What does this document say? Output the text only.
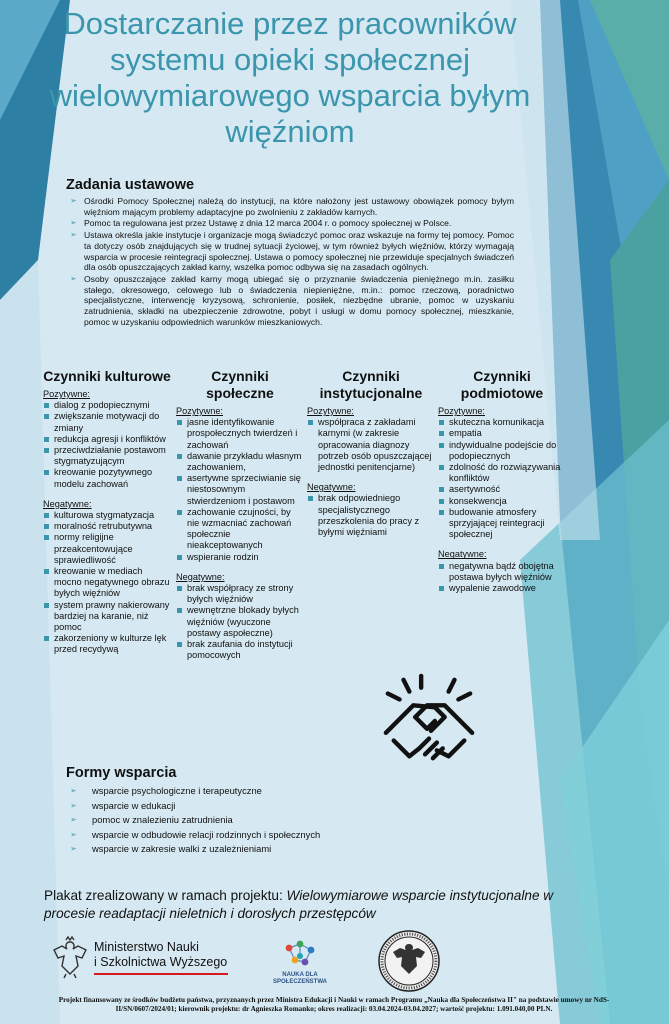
Dostarczanie przez pracowników systemu opieki społecznej wielowymiarowego wsparcia byłym więźniom
Zadania ustawowe
➢ Ośrodki Pomocy Społecznej należą do instytucji, na które nałożony jest ustawowy obowiązek pomocy byłym więźniom mającym problemy adaptacyjne po zwolnieniu z zakładów karnych.
➢ Pomoc ta regulowana jest przez Ustawę z dnia 12 marca 2004 r. o pomocy społecznej w Polsce.
➢ Ustawa określa jakie instytucje i organizacje mogą świadczyć pomoc oraz wskazuje na formy tej pomocy. Pomoc ta dotyczy osób znajdujących się w trudnej sytuacji życiowej, w tym również byłych więźniów, którzy wymagają wsparcia w procesie reintegracji społecznej. Ustawa o pomocy społecznej nie przewiduje specjalnych świadczeń dla osób opuszczających zakład karny, wszelka pomoc odbywa się na zasadach ogólnych.
➢ Osoby opuszczające zakład karny mogą ubiegać się o przyznanie świadczenia pieniężnego m.in. zasiłku stałego, okresowego, celowego lub o świadczenia niepieniężne, m.in.: pomoc rzeczową, poradnictwo specjalistyczne, interwencję kryzysową, schronienie, posiłek, niezbędne ubranie, pomoc w uzyskaniu zatrudnienia, składki na ubezpieczenie zdrowotne, pobyt i usługi w domu pomocy społecznej, mieszkanie, pomoc w uzyskaniu odpowiednich warunków mieszkaniowych.
Czynniki kulturowe
Pozytywne:
dialog z podopiecznymi
zwiększanie motywacji do zmiany
redukcja agresji i konfliktów
przeciwdziałanie postawom stygmatyzującym
kreowanie pozytywnego modelu zachowań
Negatywne:
kulturowa stygmatyzacja
moralność retrubutywna
normy religijne przeakcentowujące sprawiedliwość
kreowanie w mediach mocno negatywnego obrazu byłych więźniów
system prawny nakierowany bardziej na karanie, niż pomoc
zakorzeniony w kulturze lęk przed recydywą
Czynniki społeczne
Pozytywne:
jasne identyfikowanie prospołecznych twierdzeń i zachowań
dawanie przykładu własnym zachowaniem,
asertywne sprzeciwianie się niestosownym stwierdzeniom i postawom
zachowanie czujności, by nie wzmacniać zachowań społecznie nieakceptowanych
wspieranie rodzin
Negatywne:
brak współpracy ze strony byłych więźniów
wewnętrzne blokady byłych więźniów (wyuczone postawy aspołeczne)
brak zaufania do instytucji pomocowych
Czynniki instytucjonalne
Pozytywne:
współpraca z zakładami karnymi (w zakresie opracowania diagnozy potrzeb osób opuszczającej jednostki penitencjarne)
Negatywne:
brak odpowiedniego specjalistycznego przeszkolenia do pracy z byłymi więźniami
Czynniki podmiotowe
Pozytywne:
skuteczna komunikacja
empatia
indywidualne podejście do podopiecznych
zdolność do rozwiązywania konfliktów
asertywność
konsekwencja
budowanie atmosfery sprzyjającej reintegracji społecznej
Negatywne:
negatywna bądź obojętna postawa byłych więźniów
wypalenie zawodowe
Formy wsparcia
➢ wsparcie psychologiczne i terapeutyczne
➢ wsparcie w edukacji
➢ pomoc w znalezieniu zatrudnienia
➢ wsparcie w odbudowie relacji rodzinnych i społecznych
➢ wsparcie w zakresie walki z uzależnieniami
Plakat zrealizowany w ramach projektu: Wielowymiarowe wsparcie instytucjonalne w procesie readaptacji nieletnich i dorosłych przestępców
Ministerstwo Nauki
i Szkolnictwa Wyższego
NAUKA DLA SPOŁECZEŃSTWA
Projekt finansowany ze środków budżetu państwa, przyznanych przez Ministra Edukacji i Nauki w ramach Programu „Nauka dla Społeczeństwa II" na podstawie umowy nr NdS-II/SN/0607/2024/01; kierownik projektu: dr Agnieszka Romanko; okres realizacji: 03.04.2024-03.04.2027; wartość projektu: 1.091.040,00 PLN.
